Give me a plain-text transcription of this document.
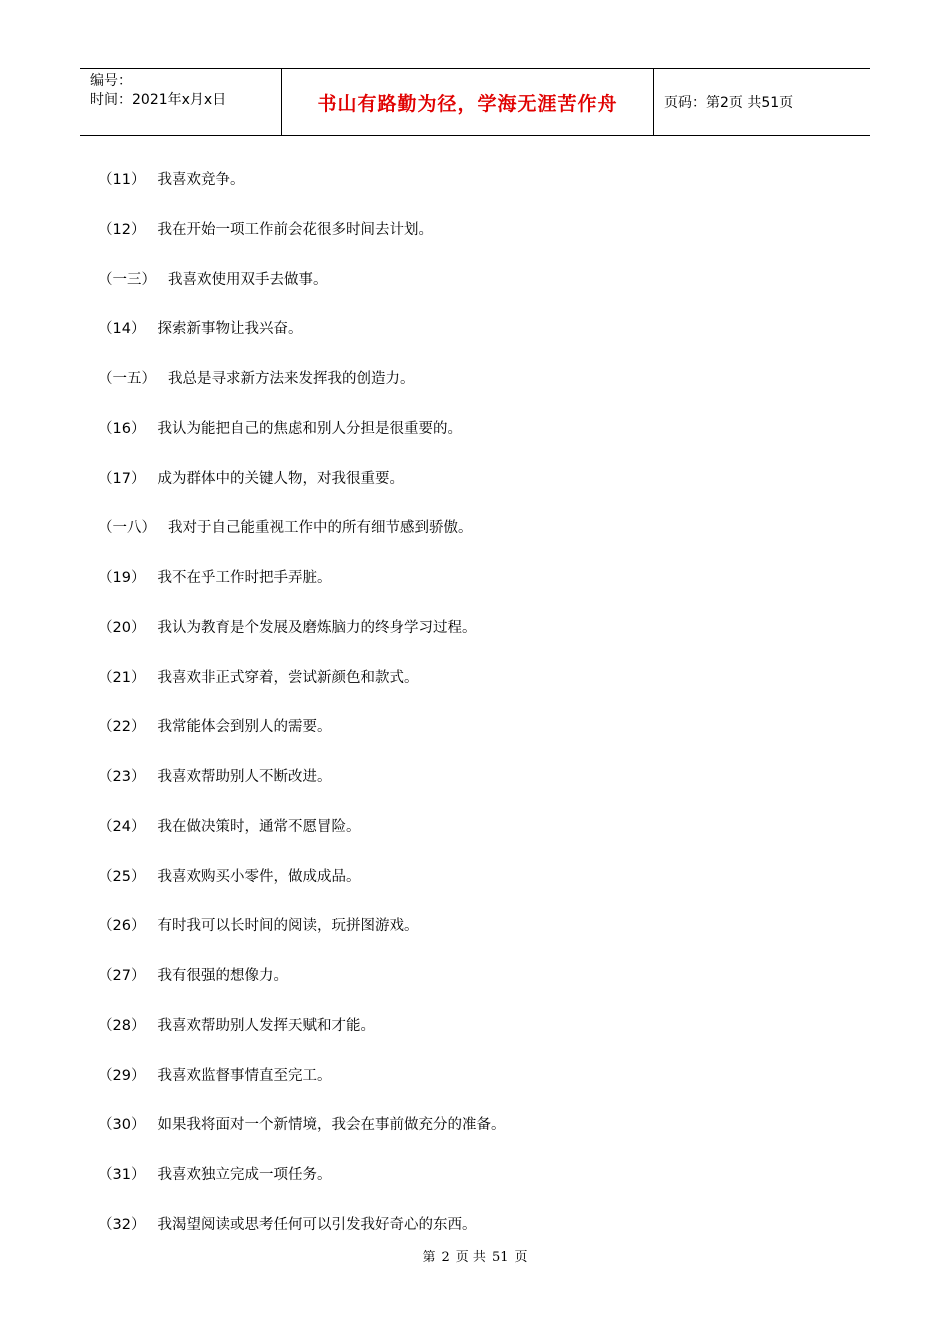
编号：
时间：2021年x月x日	书山有路勤为径，学海无涯苦作舟	页码：第2页 共51页
（11） 我喜欢竞争。
（12） 我在开始一项工作前会花很多时间去计划。
（一三） 我喜欢使用双手去做事。
（14） 探索新事物让我兴奋。
（一五） 我总是寻求新方法来发挥我的创造力。
（16） 我认为能把自己的焦虑和别人分担是很重要的。
（17） 成为群体中的关键人物，对我很重要。
（一八） 我对于自己能重视工作中的所有细节感到骄傲。
（19） 我不在乎工作时把手弄脏。
（20） 我认为教育是个发展及磨炼脑力的终身学习过程。
（21） 我喜欢非正式穿着，尝试新颜色和款式。
（22） 我常能体会到别人的需要。
（23） 我喜欢帮助别人不断改进。
（24） 我在做决策时，通常不愿冒险。
（25） 我喜欢购买小零件，做成成品。
（26） 有时我可以长时间的阅读，玩拼图游戏。
（27） 我有很强的想像力。
（28） 我喜欢帮助别人发挥天赋和才能。
（29） 我喜欢监督事情直至完工。
（30） 如果我将面对一个新情境，我会在事前做充分的准备。
（31） 我喜欢独立完成一项任务。
（32） 我渴望阅读或思考任何可以引发我好奇心的东西。
第 2 页 共 51 页
